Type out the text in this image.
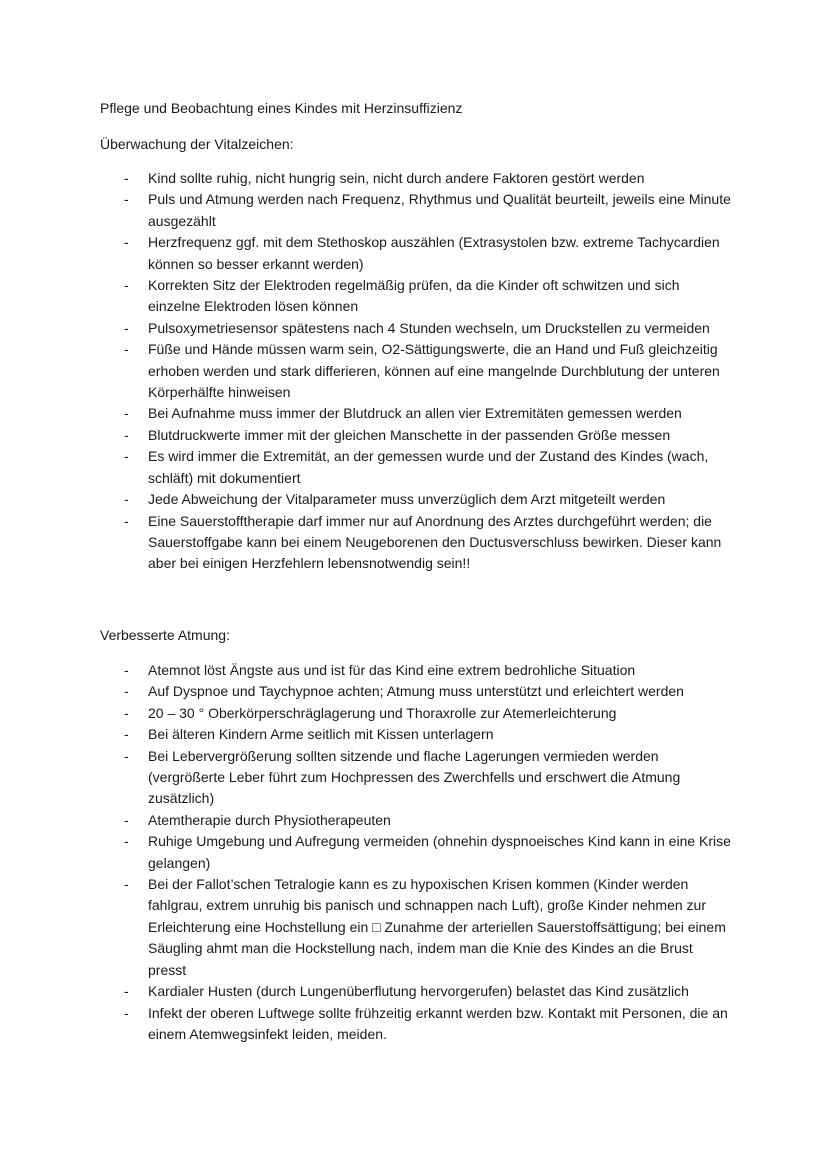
Pflege und Beobachtung eines Kindes mit Herzinsuffizienz
Überwachung der Vitalzeichen:
- Kind sollte ruhig, nicht hungrig sein, nicht durch andere Faktoren gestört werden
- Puls und Atmung werden nach Frequenz, Rhythmus und Qualität beurteilt, jeweils eine Minute ausgezählt
- Herzfrequenz ggf. mit dem Stethoskop auszählen (Extrasystolen bzw. extreme Tachycardien können so besser erkannt werden)
- Korrekten Sitz der Elektroden regelmäßig prüfen, da die Kinder oft schwitzen und sich einzelne Elektroden lösen können
- Pulsoxymetriesensor spätestens nach 4 Stunden wechseln, um Druckstellen zu vermeiden
- Füße und Hände müssen warm sein, O2-Sättigungswerte, die an Hand und Fuß gleichzeitig erhoben werden und stark differieren, können auf eine mangelnde Durchblutung der unteren Körperhälfte hinweisen
- Bei Aufnahme muss immer der Blutdruck an allen vier Extremitäten gemessen werden
- Blutdruckwerte immer mit der gleichen Manschette in der passenden Größe messen
- Es wird immer die Extremität, an der gemessen wurde und der Zustand des Kindes (wach, schläft) mit dokumentiert
- Jede Abweichung der Vitalparameter muss unverzüglich dem Arzt mitgeteilt werden
- Eine Sauerstofftherapie darf immer nur auf Anordnung des Arztes durchgeführt werden; die Sauerstoffgabe kann bei einem Neugeborenen den Ductusverschluss bewirken. Dieser kann aber bei einigen Herzfehlern lebensnotwendig sein!!
Verbesserte Atmung:
- Atemnot löst Ängste aus und ist für das Kind eine extrem bedrohliche Situation
- Auf Dyspnoe und Taychypnoe achten; Atmung muss unterstützt und erleichtert werden
- 20 – 30 ° Oberkörperschräglagerung und Thoraxrolle zur Atemerleichterung
- Bei älteren Kindern Arme seitlich mit Kissen unterlagern
- Bei Lebervergrößerung sollten sitzende und flache Lagerungen vermieden werden (vergrößerte Leber führt zum Hochpressen des Zwerchfells und erschwert die Atmung zusätzlich)
- Atemtherapie durch Physiotherapeuten
- Ruhige Umgebung und Aufregung vermeiden (ohnehin dyspnoeisches Kind kann in eine Krise gelangen)
- Bei der Fallot’schen Tetralogie kann es zu hypoxischen Krisen kommen (Kinder werden fahlgrau, extrem unruhig bis panisch und schnappen nach Luft), große Kinder nehmen zur Erleichterung eine Hochstellung ein □ Zunahme der arteriellen Sauerstoffsättigung; bei einem Säugling ahmt man die Hockstellung nach, indem man die Knie des Kindes an die Brust presst
- Kardialer Husten (durch Lungenüberflutung hervorgerufen) belastet das Kind zusätzlich
- Infekt der oberen Luftwege sollte frühzeitig erkannt werden bzw. Kontakt mit Personen, die an einem Atemwegsinfekt leiden, meiden.
